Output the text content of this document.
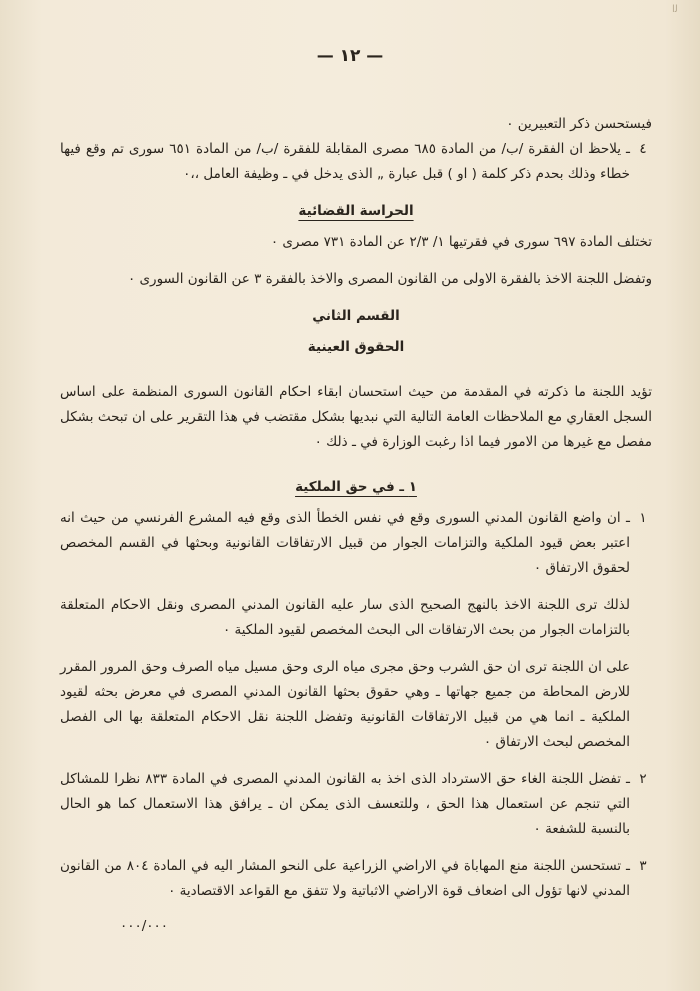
ﻟا
— ١٢ —

فيستحسن ذكر التعبيرين ٠

٤

ـ يلاحظ ان الفقرة /ب/ من المادة ٦٨٥ مصرى المقابلة للفقرة /ب/ من المادة ٦٥١ سورى تم وقع فيها خطاء وذلك بحدم ذكر كلمة ( او ) قبل عبارة „ الذى يدخل في ـ وظيفة العامل ،،٠

الحراسة القضائية

تختلف المادة ٦٩٧ سورى في فقرتيها ١/ ٢/٣ عن المادة ٧٣١ مصرى ٠

وتفضل اللجنة الاخذ بالفقرة الاولى من القانون المصرى والاخذ بالفقرة ٣ عن القانون السورى ٠

القسم الثاني

الحقوق العينية

تؤيد اللجنة ما ذكرته في المقدمة من حيث استحسان ابقاء احكام القانون السورى المنظمة على اساس السجل العقاري مع الملاحظات العامة التالية التي نبديها بشكل مقتضب في هذا التقرير على ان تبحث بشكل مفصل مع غيرها من الامور فيما اذا رغبت الوزارة في ـ ذلك ٠

١ ـ في حق الملكية

١

ـ ان واضع القانون المدني السورى وقع في نفس الخطأ الذى وقع فيه المشرع الفرنسي من حيث انه اعتبر بعض قيود الملكية والتزامات الجوار من قبيل الارتفاقات القانونية وبحثها في القسم المخصص لحقوق الارتفاق ٠

لذلك ترى اللجنة الاخذ بالنهج الصحيح الذى سار عليه القانون المدني المصرى ونقل الاحكام المتعلقة بالتزامات الجوار من بحث الارتفاقات الى البحث المخصص لقيود الملكية ٠

على ان اللجنة ترى ان حق الشرب وحق مجرى مياه الرى وحق مسيل مياه الصرف وحق المرور المقرر للارض المحاطة من جميع جهاتها ـ وهي حقوق بحثها القانون المدني المصرى في معرض بحثه لقيود الملكية ـ انما هي من قبيل الارتفاقات القانونية وتفضل اللجنة نقل الاحكام المتعلقة بها الى الفصل المخصص لبحث الارتفاق ٠

٢

ـ تفضل اللجنة الغاء حق الاسترداد الذى اخذ به القانون المدني المصرى في المادة ٨٣٣ نظرا للمشاكل التي تنجم عن استعمال هذا الحق ، وللتعسف الذى يمكن ان ـ يرافق هذا الاستعمال كما هو الحال بالنسبة للشفعة ٠

٣

ـ تستحسن اللجنة منع المهاباة في الاراضي الزراعية على النحو المشار اليه في المادة ٨٠٤ من القانون المدني لانها تؤول الى اضعاف قوة الاراضي الاثباتية ولا تتفق مع القواعد الاقتصادية ٠

٠٠٠/٠٠٠
